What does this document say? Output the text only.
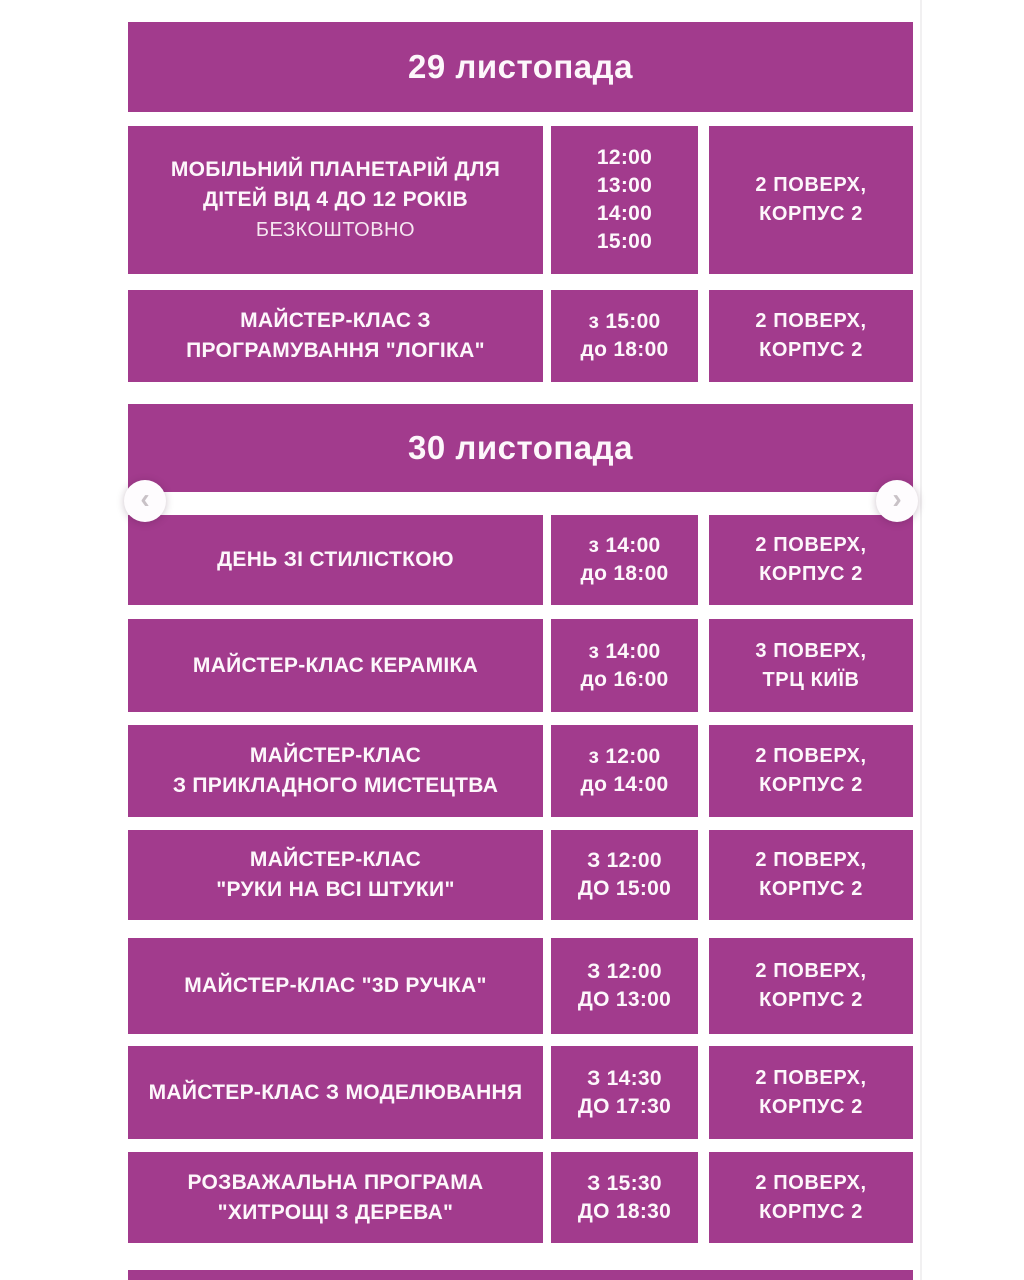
29 листопада
МОБІЛЬНИЙ ПЛАНЕТАРІЙ ДЛЯ
ДІТЕЙ ВІД 4 ДО 12 РОКІВ
БЕЗКОШТОВНО
12:00
13:00
14:00
15:00
2 ПОВЕРХ,
КОРПУС 2
МАЙСТЕР-КЛАС З
ПРОГРАМУВАННЯ "ЛОГІКА"
з 15:00
до 18:00
2 ПОВЕРХ,
КОРПУС 2
30 листопада
ДЕНЬ ЗІ СТИЛІСТКОЮ
з 14:00
до 18:00
2 ПОВЕРХ,
КОРПУС 2
МАЙСТЕР-КЛАС КЕРАМІКА
з 14:00
до 16:00
3 ПОВЕРХ,
ТРЦ КИЇВ
МАЙСТЕР-КЛАС
З ПРИКЛАДНОГО МИСТЕЦТВА
з 12:00
до 14:00
2 ПОВЕРХ,
КОРПУС 2
МАЙСТЕР-КЛАС
"РУКИ НА ВСІ ШТУКИ"
З 12:00
ДО 15:00
2 ПОВЕРХ,
КОРПУС 2
МАЙСТЕР-КЛАС "3D РУЧКА"
З 12:00
ДО 13:00
2 ПОВЕРХ,
КОРПУС 2
МАЙСТЕР-КЛАС З МОДЕЛЮВАННЯ
З 14:30
ДО 17:30
2 ПОВЕРХ,
КОРПУС 2
РОЗВАЖАЛЬНА ПРОГРАМА
"ХИТРОЩІ З ДЕРЕВА"
З 15:30
ДО 18:30
2 ПОВЕРХ,
КОРПУС 2
‹	›
